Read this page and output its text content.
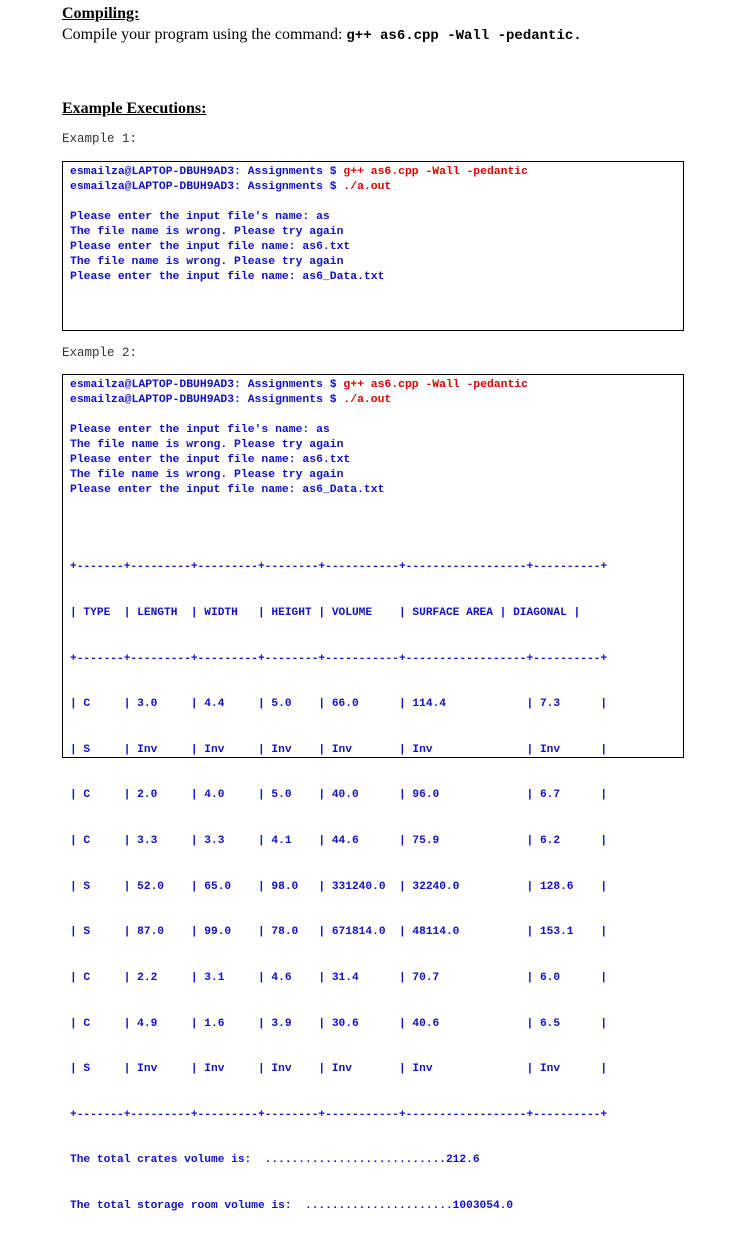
Compiling:

Compile your program using the command: g++ as6.cpp -Wall -pedantic.

Example Executions:

Example 1:

esmailza@LAPTOP-DBUH9AD3: Assignments $ g++ as6.cpp -Wall -pedantic

esmailza@LAPTOP-DBUH9AD3: Assignments $ ./a.out

Please enter the input file's name: as

The file name is wrong. Please try again

Please enter the input file name: as6.txt

The file name is wrong. Please try again

Please enter the input file name: as6_Data.txt

Example 2:

esmailza@LAPTOP-DBUH9AD3: Assignments $ g++ as6.cpp -Wall -pedantic

esmailza@LAPTOP-DBUH9AD3: Assignments $ ./a.out

Please enter the input file's name: as

The file name is wrong. Please try again

Please enter the input file name: as6.txt

The file name is wrong. Please try again

Please enter the input file name: as6_Data.txt

+-------+---------+---------+--------+-----------+------------------+----------+

| TYPE  | LENGTH  | WIDTH   | HEIGHT | VOLUME    | SURFACE AREA | DIAGONAL |

+-------+---------+---------+--------+-----------+------------------+----------+

| C     | 3.0     | 4.4     | 5.0    | 66.0      | 114.4            | 7.3      |

| S     | Inv     | Inv     | Inv    | Inv       | Inv              | Inv      |

| C     | 2.0     | 4.0     | 5.0    | 40.0      | 96.0             | 6.7      |

| C     | 3.3     | 3.3     | 4.1    | 44.6      | 75.9             | 6.2      |

| S     | 52.0    | 65.0    | 98.0   | 331240.0  | 32240.0          | 128.6    |

| S     | 87.0    | 99.0    | 78.0   | 671814.0  | 48114.0          | 153.1    |

| C     | 2.2     | 3.1     | 4.6    | 31.4      | 70.7             | 6.0      |

| C     | 4.9     | 1.6     | 3.9    | 30.6      | 40.6             | 6.5      |

| S     | Inv     | Inv     | Inv    | Inv       | Inv              | Inv      |

+-------+---------+---------+--------+-----------+------------------+----------+

The total crates volume is:  ...........................212.6

The total storage room volume is:  ......................1003054.0
